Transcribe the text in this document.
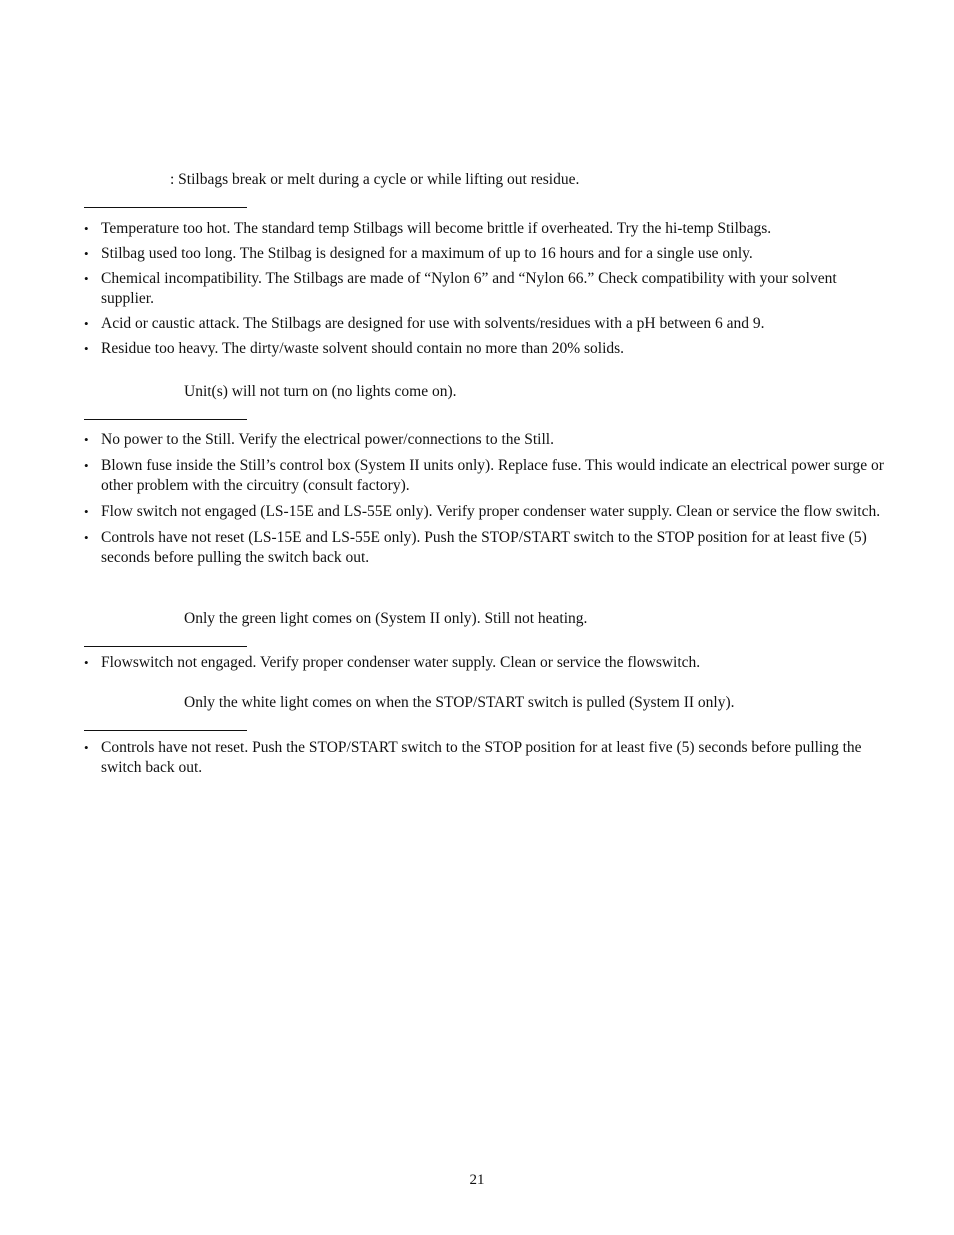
: Stilbags break or melt during a cycle or while lifting out residue.
• Temperature too hot. The standard temp Stilbags will become brittle if overheated. Try the hi-temp Stilbags.
• Stilbag used too long. The Stilbag is designed for a maximum of up to 16 hours and for a single use only.
• Chemical incompatibility. The Stilbags are made of “Nylon 6” and “Nylon 66.” Check compatibility with your solvent supplier.
• Acid or caustic attack. The Stilbags are designed for use with solvents/residues with a pH between 6 and 9.
• Residue too heavy. The dirty/waste solvent should contain no more than 20% solids.
Unit(s) will not turn on (no lights come on).
• No power to the Still. Verify the electrical power/connections to the Still.
• Blown fuse inside the Still’s control box (System II units only). Replace fuse. This would indicate an electrical power surge or other problem with the circuitry (consult factory).
• Flow switch not engaged (LS-15E and LS-55E only). Verify proper condenser water supply. Clean or service the flow switch.
• Controls have not reset (LS-15E and LS-55E only). Push the STOP/START switch to the STOP position for at least five (5) seconds before pulling the switch back out.
Only the green light comes on (System II only). Still not heating.
• Flowswitch not engaged. Verify proper condenser water supply. Clean or service the flowswitch.
Only the white light comes on when the STOP/START switch is pulled (System II only).
• Controls have not reset. Push the STOP/START switch to the STOP position for at least five (5) seconds before pulling the switch back out.
21
